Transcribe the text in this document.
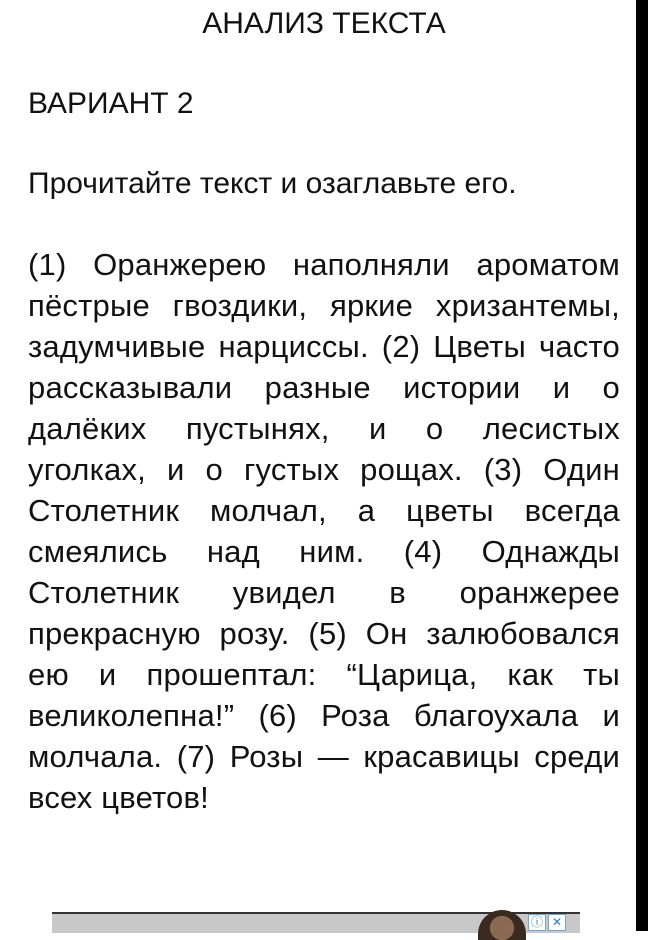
АНАЛИЗ ТЕКСТА
ВАРИАНТ 2
Прочитайте текст и озаглавьте его.
(1) Оранжерею наполняли ароматом пёстрые гвоздики, яркие хризантемы, задумчивые нарциссы. (2) Цветы часто рассказывали разные истории и о далёких пустынях, и о лесистых уголках, и о густых рощах. (3) Один Столетник молчал, а цветы всегда смеялись над ним. (4) Однажды Столетник увидел в оранжерее прекрасную розу. (5) Он залюбовался ею и прошептал: “Царица, как ты великолепна!” (6) Роза благоухала и молчала. (7) Розы — красавицы среди всех цветов!
ⓘ ✕
